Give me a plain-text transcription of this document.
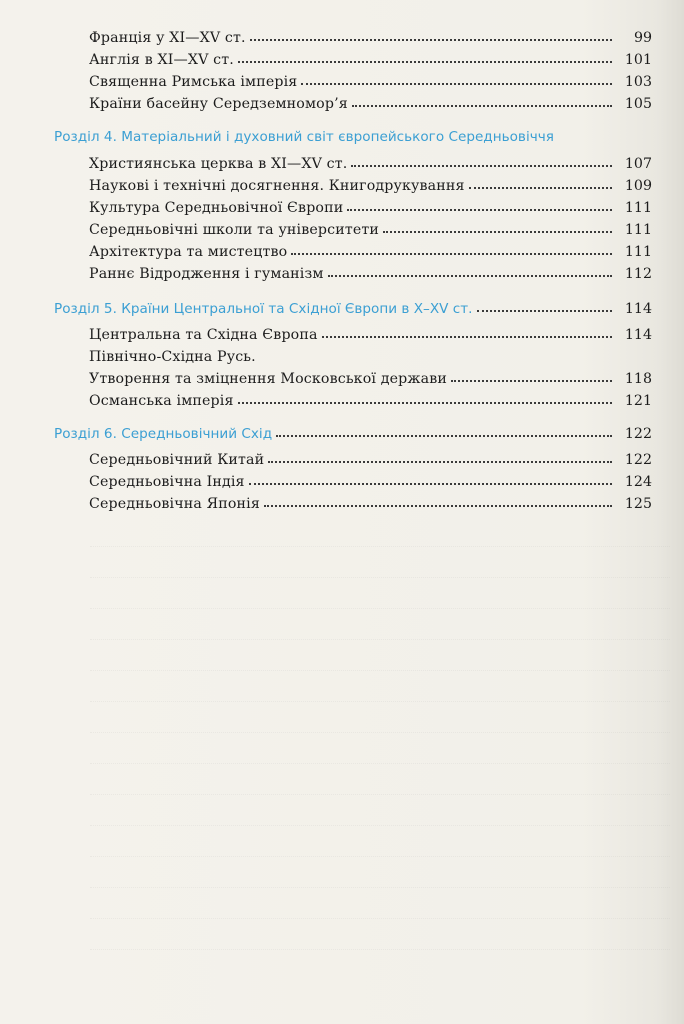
Франція у XI—XV ст.	99
Англія в XI—XV ст.	101
Священна Римська імперія	103
Країни басейну Середземномор’я	105
Розділ 4. Матеріальний і духовний світ європейського Середньовіччя
Християнська церква в XI—XV ст.	107
Наукові і технічні досягнення. Книгодрукування	109
Культура Середньовічної Європи	111
Середньовічні школи та університети	111
Архітектура та мистецтво	111
Раннє Відродження і гуманізм	112
Розділ 5. Країни Центральної та Східної Європи в X–XV ст.	114
Центральна та Східна Європа	114
Північно-Східна Русь.
Утворення та зміцнення Московської держави	118
Османська імперія	121
Розділ 6. Середньовічний Схід	122
Середньовічний Китай	122
Середньовічна Індія	124
Середньовічна Японія	125
